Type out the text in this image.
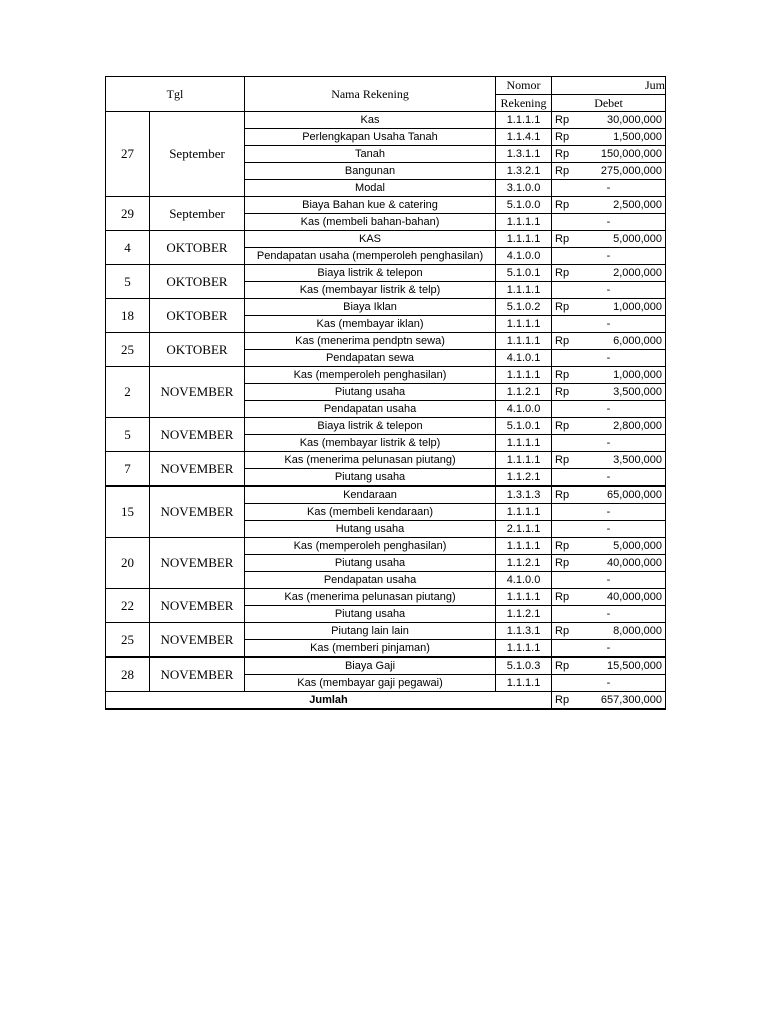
Tgl		Nama Rekening	Nomor	Jum
			Rekening	Debet
27	September	Kas	1.1.1.1	Rp 30,000,000

		Perlengkapan Usaha Tanah	1.1.4.1	Rp 1,500,000

		Tanah	1.3.1.1	Rp 150,000,000

		Bangunan	1.3.2.1	Rp 275,000,000

		Modal	3.1.0.0	-

29	September	Biaya Bahan kue & catering	5.1.0.0	Rp 2,500,000

		Kas (membeli bahan-bahan)	1.1.1.1	-

4	OKTOBER	KAS	1.1.1.1	Rp 5,000,000

		Pendapatan usaha (memperoleh penghasilan)	4.1.0.0	-

5	OKTOBER	Biaya listrik & telepon	5.1.0.1	Rp 2,000,000

		Kas (membayar listrik & telp)	1.1.1.1	-

18	OKTOBER	Biaya Iklan	5.1.0.2	Rp 1,000,000

		Kas (membayar iklan)	1.1.1.1	-

25	OKTOBER	Kas (menerima pendptn sewa)	1.1.1.1	Rp 6,000,000

		Pendapatan sewa	4.1.0.1	-

2	NOVEMBER	Kas (memperoleh penghasilan)	1.1.1.1	Rp 1,000,000

		Piutang usaha	1.1.2.1	Rp 3,500,000

		Pendapatan usaha	4.1.0.0	-

5	NOVEMBER	Biaya listrik & telepon	5.1.0.1	Rp 2,800,000

		Kas (membayar listrik & telp)	1.1.1.1	-

7	NOVEMBER	Kas (menerima pelunasan piutang)	1.1.1.1	Rp 3,500,000

		Piutang usaha	1.1.2.1	-

15	NOVEMBER	Kendaraan	1.3.1.3	Rp 65,000,000

		Kas (membeli kendaraan)	1.1.1.1	-

		Hutang usaha	2.1.1.1	-

20	NOVEMBER	Kas (memperoleh penghasilan)	1.1.1.1	Rp 5,000,000

		Piutang usaha	1.1.2.1	Rp 40,000,000

		Pendapatan usaha	4.1.0.0	-

22	NOVEMBER	Kas (menerima pelunasan piutang)	1.1.1.1	Rp 40,000,000

		Piutang usaha	1.1.2.1	-

25	NOVEMBER	Piutang lain lain	1.1.3.1	Rp 8,000,000

		Kas (memberi pinjaman)	1.1.1.1	-

28	NOVEMBER	Biaya Gaji	5.1.0.3	Rp 15,500,000

		Kas (membayar gaji pegawai)	1.1.1.1	-

Jumlah				Rp 657,300,000
